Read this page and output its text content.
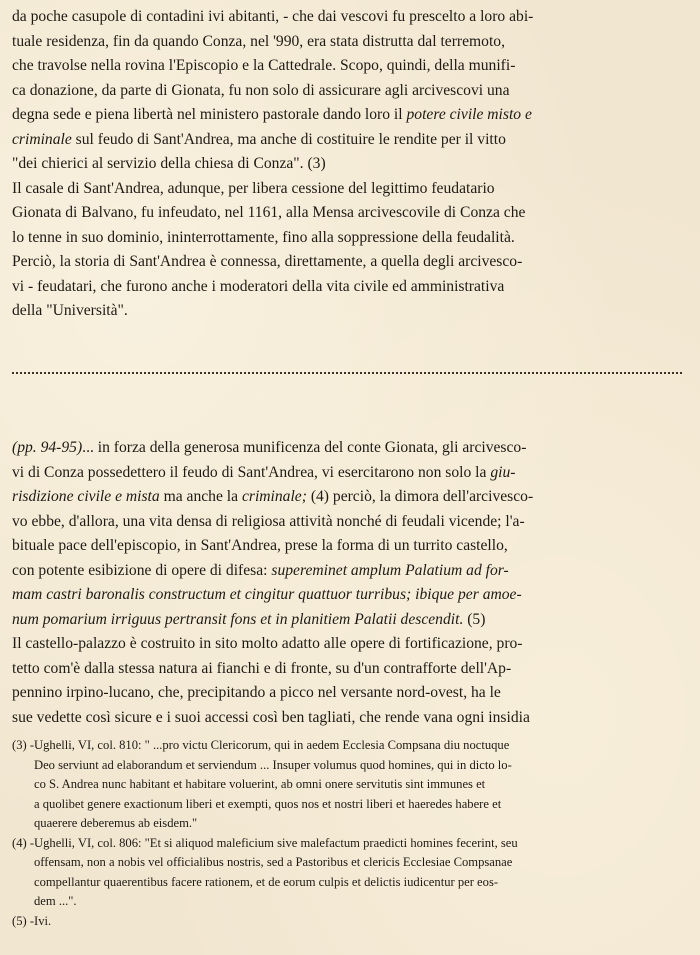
da poche casupole di contadini ivi abitanti, - che dai vescovi fu prescelto a loro abi-
tuale residenza, fin da quando Conza, nel '990, era stata distrutta dal terremoto,
che travolse nella rovina l'Episcopio e la Cattedrale. Scopo, quindi, della munifi-
ca donazione, da parte di Gionata, fu non solo di assicurare agli arcivescovi una
degna sede e piena libertà nel ministero pastorale dando loro il potere civile misto e
criminale sul feudo di Sant'Andrea, ma anche di costituire le rendite per il vitto
"dei chierici al servizio della chiesa di Conza". (3)
Il casale di Sant'Andrea, adunque, per libera cessione del legittimo feudatario
Gionata di Balvano, fu infeudato, nel 1161, alla Mensa arcivescovile di Conza che
lo tenne in suo dominio, ininterrottamente, fino alla soppressione della feudalità.
Perciò, la storia di Sant'Andrea è connessa, direttamente, a quella degli arcivesco-
vi - feudatari, che furono anche i moderatori della vita civile ed amministrativa
della "Università".
(pp. 94-95)... in forza della generosa munificenza del conte Gionata, gli arcivesco-
vi di Conza possedettero il feudo di Sant'Andrea, vi esercitarono non solo la giu-
risdizione civile e mista ma anche la criminale; (4) perciò, la dimora dell'arcivesco-
vo ebbe, d'allora, una vita densa di religiosa attività nonché di feudali vicende; l'a-
bituale pace dell'episcopio, in Sant'Andrea, prese la forma di un turrito castello,
con potente esibizione di opere di difesa: supereminet amplum Palatium ad for-
mam castri baronalis constructum et cingitur quattuor turribus; ibique per amoe-
num pomarium irriguus pertransit fons et in planitiem Palatii descendit. (5)
Il castello-palazzo è costruito in sito molto adatto alle opere di fortificazione, pro-
tetto com'è dalla stessa natura ai fianchi e di fronte, su d'un contrafforte dell'Ap-
pennino irpino-lucano, che, precipitando a picco nel versante nord-ovest, ha le
sue vedette così sicure e i suoi accessi così ben tagliati, che rende vana ogni insidia
(3) -Ughelli, VI, col. 810: " ...pro victu Clericorum, qui in aedem Ecclesia Compsana diu noctuque
Deo serviunt ad elaborandum et serviendum ... Insuper volumus quod homines, qui in dicto lo-
co S. Andrea nunc habitant et habitare voluerint, ab omni onere servitutis sint immunes et
a quolibet genere exactionum liberi et exempti, quos nos et nostri liberi et haeredes habere et
quaerere deberemus ab eisdem."
(4) -Ughelli, VI, col. 806: "Et si aliquod maleficium sive malefactum praedicti homines fecerint, seu
offensam, non a nobis vel officialibus nostris, sed a Pastoribus et clericis Ecclesiae Compsanae
compellantur quaerentibus facere rationem, et de eorum culpis et delictis iudicentur per eos-
dem ...".
(5) -Ivi.
